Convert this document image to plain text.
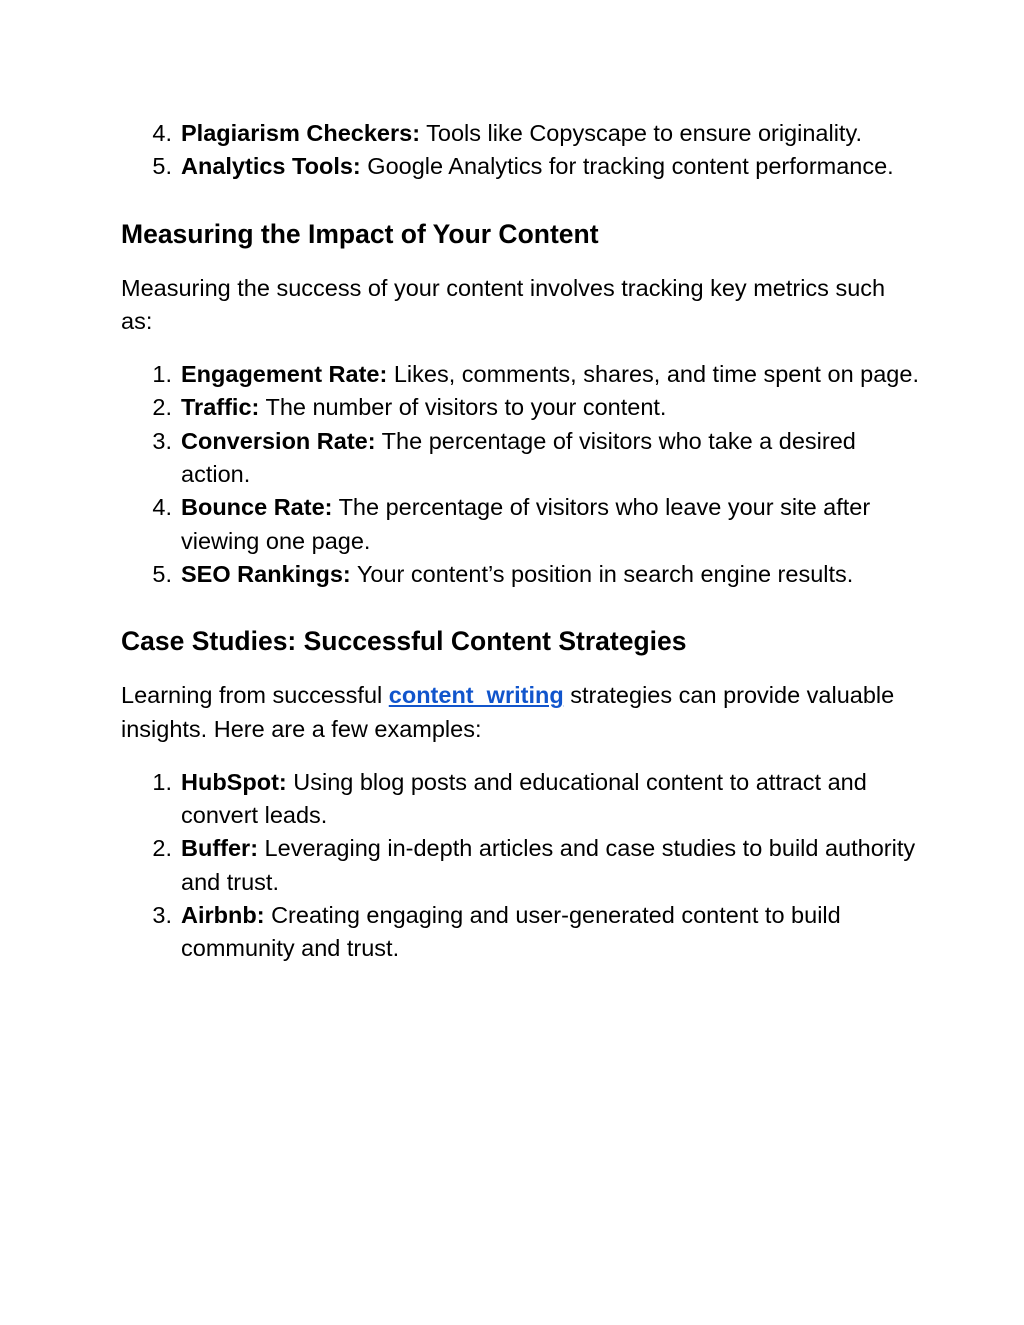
4. Plagiarism Checkers: Tools like Copyscape to ensure originality.
5. Analytics Tools: Google Analytics for tracking content performance.
Measuring the Impact of Your Content

Measuring the success of your content involves tracking key metrics such as:

1. Engagement Rate: Likes, comments, shares, and time spent on page.
2. Traffic: The number of visitors to your content.
3. Conversion Rate: The percentage of visitors who take a desired action.
4. Bounce Rate: The percentage of visitors who leave your site after viewing one page.
5. SEO Rankings: Your content’s position in search engine results.
Case Studies: Successful Content Strategies

Learning from successful content  writing strategies can provide valuable insights. Here are a few examples:

1. HubSpot: Using blog posts and educational content to attract and convert leads.
2. Buffer: Leveraging in-depth articles and case studies to build authority and trust.
3. Airbnb: Creating engaging and user-generated content to build community and trust.
